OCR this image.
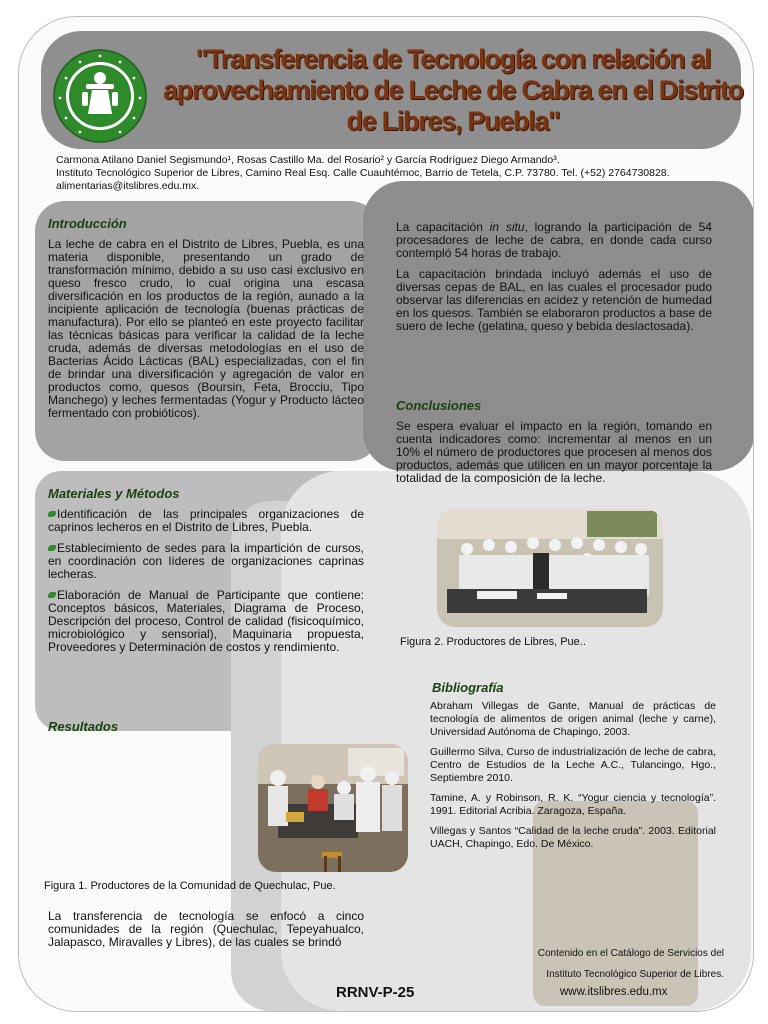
"Transferencia de Tecnología con relación al
aprovechamiento de Leche de Cabra en el Distrito de Libres, Puebla"
Carmona Atilano Daniel Segismundo¹, Rosas Castillo Ma. del Rosario² y García Rodríguez Diego Armando³.
Instituto Tecnológico Superior de Libres, Camino Real Esq. Calle Cuauhtémoc, Barrio de Tetela, C.P. 73780. Tel. (+52) 2764730828.
alimentarias@itslibres.edu.mx.
Introducción

La leche de cabra en el Distrito de Libres, Puebla, es una materia disponible, presentando un grado de transformación mínimo, debido a su uso casi exclusivo en queso fresco crudo, lo cual origina una escasa diversificación en los productos de la región, aunado a la incipiente aplicación de tecnología (buenas prácticas de manufactura). Por ello se planteó en este proyecto facilitar las técnicas básicas para verificar la calidad de la leche cruda, además de diversas metodologías en el uso de Bacterias Ácido Lácticas (BAL) especializadas, con el fin de brindar una diversificación y agregación de valor en productos como, quesos (Boursin, Feta, Brocciu, Tipo Manchego) y leches fermentadas (Yogur y Producto lácteo fermentado con probióticos).

Materiales y Métodos
Identificación de las principales organizaciones de caprinos lecheros en el Distrito de Libres, Puebla.
Establecimiento de sedes para la impartición de cursos, en coordinación con líderes de organizaciones caprinas lecheras.
Elaboración de Manual de Participante que contiene: Conceptos básicos, Materiales, Diagrama de Proceso, Descripción del proceso, Control de calidad (fisicoquímico, microbiológico y sensorial), Maquinaria propuesta, Proveedores y Determinación de costos y rendimiento.
Resultados
Figura 1. Productores de la Comunidad de Quechulac, Pue.

La transferencia de tecnología se enfocó a cinco comunidades de la región (Quechulac, Tepeyahualco, Jalapasco, Miravalles y Libres), de las cuales se brindó

La capacitación in situ, logrando la participación de 54 procesadores de leche de cabra, en donde cada curso contempló 54 horas de trabajo.

La capacitación brindada incluyó además el uso de diversas cepas de BAL, en las cuales el procesador pudo observar las diferencias en acidez y retención de humedad en los quesos. También se elaboraron productos a base de suero de leche (gelatina, queso y bebida deslactosada).

Conclusiones

Se espera evaluar el impacto en la región, tomando en cuenta indicadores como: incrementar al menos en un 10% el número de productores que procesen al menos dos productos, además que utilicen en un mayor porcentaje la totalidad de la composición de la leche.

Figura 2. Productores de Libres, Pue..
Bibliografía

Abraham Villegas de Gante, Manual de prácticas de tecnología de alimentos de origen animal (leche y carne), Universidad Autónoma de Chapingo, 2003.

Guillermo Silva, Curso de industrialización de leche de cabra, Centro de Estudios de la Leche A.C., Tulancingo, Hgo., Septiembre 2010.

Tamine, A. y Robinson, R. K. “Yogur ciencia y tecnología”. 1991. Editorial Acribia. Zaragoza, España.

Villegas y Santos “Calidad de la leche cruda”. 2003. Editorial UACH, Chapingo, Edo. De México.

Contenido en el Catálogo de Servicios del
Instituto Tecnológico Superior de Libres.
RRNV-P-25	www.itslibres.edu.mx
